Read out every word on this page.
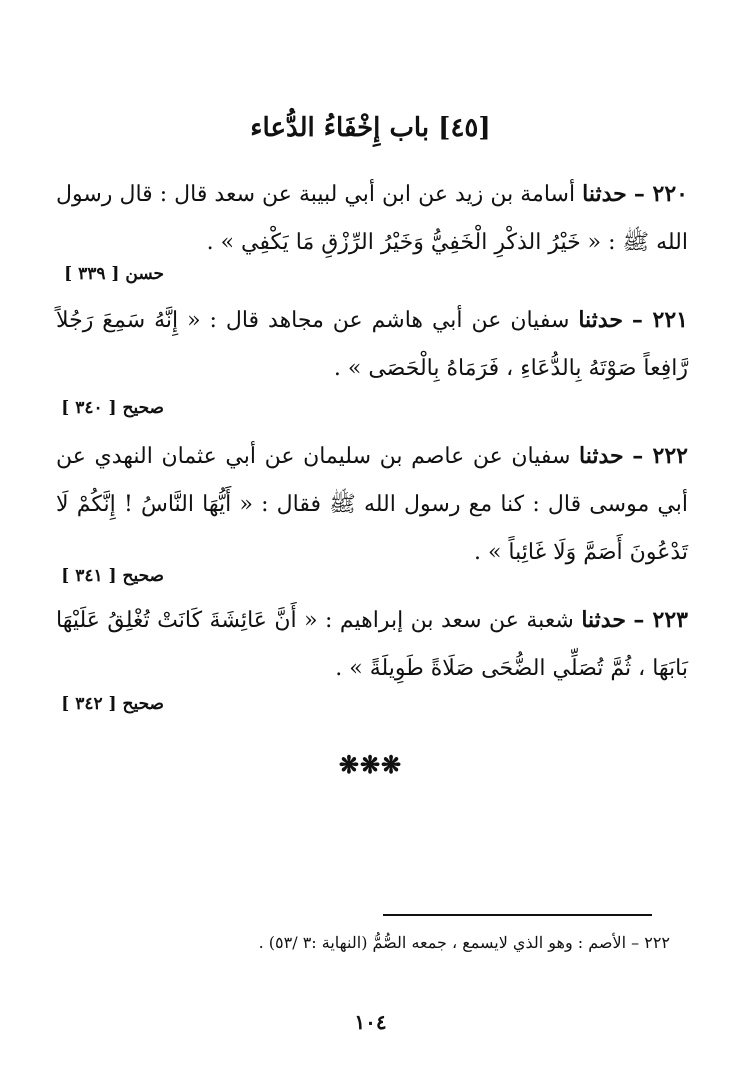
[٤٥] باب إِخْفَاءُ الدُّعاء
٢٢٠ – حدثنا أسامة بن زيد عن ابن أبي لبيبة عن سعد قال : قال رسول الله ﷺ : « خَيْرُ الذكْرِ الْخَفِيُّ وَخَيْرُ الرِّزْقِ مَا يَكْفِي » .
حسن [ ٣٣٩ ]
٢٢١ – حدثنا سفيان عن أبي هاشم عن مجاهد قال : « إِنَّهُ سَمِعَ رَجُلاً رَّافِعاً صَوْتَهُ بِالدُّعَاءِ ، فَرَمَاهُ بِالْحَصَى » .
صحيح [ ٣٤٠ ]
٢٢٢ – حدثنا سفيان عن عاصم بن سليمان عن أبي عثمان النهدي عن أبي موسى قال : كنا مع رسول الله ﷺ فقال : « أَيُّهَا النَّاسُ ! إِنَّكُمْ لَا تَدْعُونَ أَصَمَّ وَلَا غَائِباً » .
صحيح [ ٣٤١ ]
٢٢٣ – حدثنا شعبة عن سعد بن إبراهيم : « أَنَّ عَائِشَةَ كَانَتْ تُغْلِقُ عَلَيْهَا بَابَهَا ، ثُمَّ تُصَلِّي الضُّحَى صَلَاةً طَوِيلَةً » .
صحيح [ ٣٤٢ ]
❋❋❋
٢٢٢ – الأصم : وهو الذي لايسمع ، جمعه الصُّمُّ (النهاية :٣ /٥٣) .
١٠٤
